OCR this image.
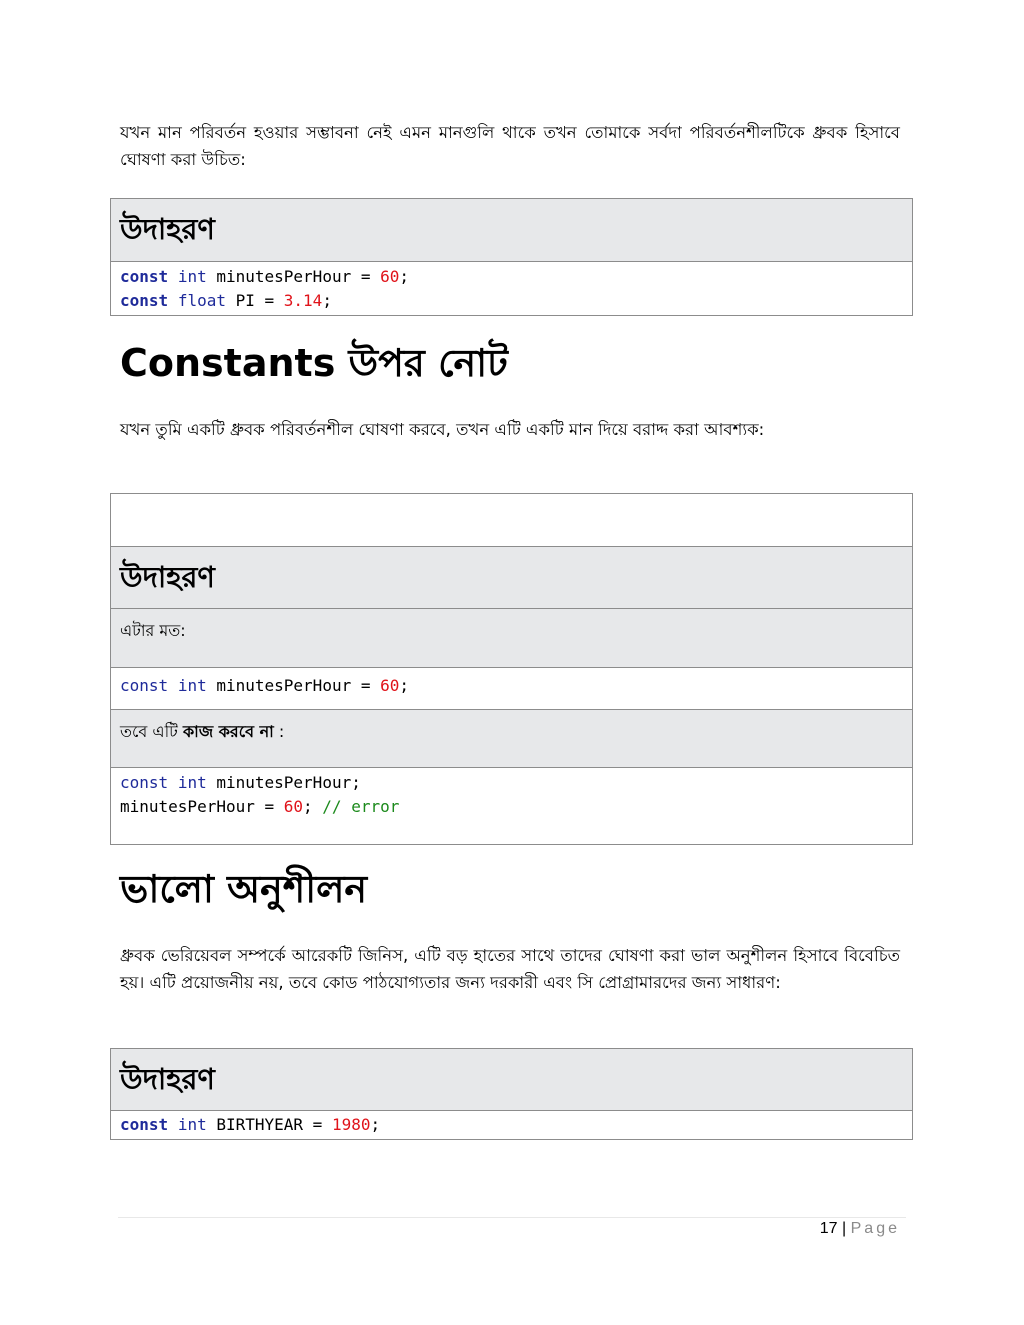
যখন মান পরিবর্তন হওয়ার সম্ভাবনা নেই এমন মানগুলি থাকে তখন তোমাকে সর্বদা পরিবর্তনশীলটিকে ধ্রুবক হিসাবে ঘোষণা করা উচিত:
উদাহরণ
const int minutesPerHour = 60;
const float PI = 3.14;
Constants উপর নোট
যখন তুমি একটি ধ্রুবক পরিবর্তনশীল ঘোষণা করবে, তখন এটি একটি মান দিয়ে বরাদ্দ করা আবশ্যক:
উদাহরণ
এটার মত:
const int minutesPerHour = 60;
তবে এটি কাজ করবে না :
const int minutesPerHour;
minutesPerHour = 60; // error
ভালো অনুশীলন
ধ্রুবক ভেরিয়েবল সম্পর্কে আরেকটি জিনিস, এটি বড় হাতের সাথে তাদের ঘোষণা করা ভাল অনুশীলন হিসাবে বিবেচিত হয়। এটি প্রয়োজনীয় নয়, তবে কোড পাঠযোগ্যতার জন্য দরকারী এবং সি প্রোগ্রামারদের জন্য সাধারণ:
উদাহরণ
const int BIRTHYEAR = 1980;
17 | Page
